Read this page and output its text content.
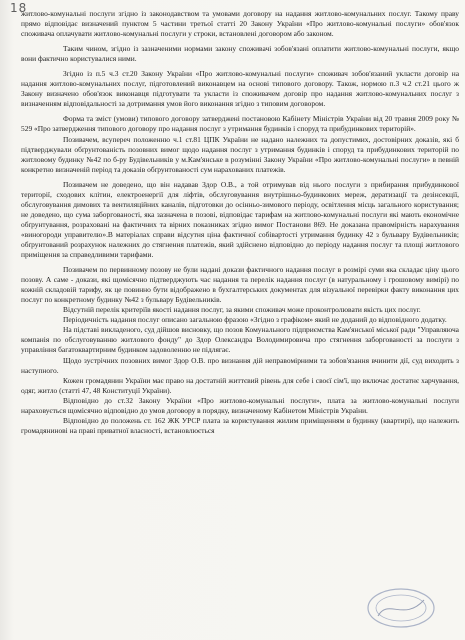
18

житлово-комунальні послуги згідно із законодавством та умовами договору на надання житлово-комунальних послуг. Такому праву прямо відповідає визначений пунктом 5 частини третьої статті 20 Закону України «Про житлово-комунальні послуги» обов'язок споживача оплачувати житлово-комунальні послуги у строки, встановлені договором або законом.

Таким чином, згідно із зазначеними нормами закону споживачі зобов'язані оплатити житлово-комунальні послуги, якщо вони фактично користувалися ними.

Згідно із п.5 ч.3 ст.20 Закону України «Про житлово-комунальні послуги» споживач зобов'язаний укласти договір на надання житлово-комунальних послуг, підготовлений виконавцем на основі типового договору. Також, нормою п.3 ч.2 ст.21 цього ж Закону визначено обов'язок виконавця підготувати та укласти із споживачем договір про надання житлово-комунальних послуг з визначенням відповідальності за дотримання умов його виконання згідно з типовим договором.

Форма та зміст (умови) типового договору затверджені постановою Кабінету Міністрів України від 20 травня 2009 року № 529 «Про затвердження типового договору про надання послуг з утримання будинків і споруд та прибудинкових територій».

Позивачем, всупереч положенню ч.1 ст.81 ЦПК України не надано належних та допустимих, достовірних доказів, які б підтверджували обґрунтованість позовних вимог щодо надання послуг з утримання будинків і споруд та прибудинкових територій по житловому будинку №42 по б-ру Будівельників у м.Кам'янське в розумінні Закону України «Про житлово-комунальні послуги» в певній конкретно визначеній період та доказів обґрунтованості сум нарахованих платежів.

Позивачем не доведено, що він надавав Здор О.В., а той отримував від нього послуги з прибирання прибудинкової території, сходових клітин, електроенергії для ліфтів, обслуговування внутрішньо-будинкових мереж, дератизації та дезінсекції, обслуговування димових та вентиляційних каналів, підготовки до осінньо-зимового періоду, освітлення місць загального користування; не доведено, що сума заборгованості, яка зазначена в позові, відповідає тарифам на житлово-комунальні послуги які мають економічне обґрунтування, розраховані на фактичних та вірних показниках згідно вимог Постанови 869. Не доказана правомірність нарахування «виногороди управителю».В матеріалах справи відсутня ціна фактичної собівартості утримання будинку 42 з бульвару Будівельників; обґрунтований розрахунок належних до стягнення платежів, який здійснено відповідно до періоду надання послуг та площі житлового приміщення за справедливими тарифами.

Позивачем по первинному позову не були надані докази фактичного надання послуг в розмірі суми яка складає ціну цього позову. А саме - докази, які щомісячно підтверджують час надання та перелік надання послуг (в натуральному і грошовому вимірі) по кожній складовій тарифу, як це повинно бути відображено в бухгалтерських документах для візуальної перевірки факту виконання цих послуг по конкретному будинку №42 з бульвару Будівельників.

Відсутній перелік критеріїв якості надання послуг, за якими споживач може проконтролювати якість цих послуг.

Періодичність надання послуг описано загальною фразою «Згідно з графіком» який не доданий до відповідного додатку.

На підставі викладеного, суд дійшов висновку, що позов Комунального підприємства Кам'янської міської ради "Управляюча компанія по обслуговуванню житлового фонду" до Здор Олександра Володимировича про стягнення заборгованості за послуги з управління багатоквартирним будинком задоволенню не підлягає.

Щодо зустрічних позовних вимог Здор О.В. про визнання дій неправомірними та зобов'язання вчинити дії, суд виходить з наступного.

Кожен громадянин України має право на достатній життєвий рівень для себе і своєї сім'ї, що включає достатнє харчування, одяг, житло (статті 47, 48 Конституції України).

Відповідно до ст.32 Закону України «Про житлово-комунальні послуги», плата за житлово-комунальні послуги нараховується щомісячно відповідно до умов договору в порядку, визначеному Кабінетом Міністрів України.

Відповідно до положень ст. 162 ЖК УРСР плата за користування жилим приміщенням в будинку (квартирі), що належить громадянинові на праві приватної власності, встановлюється
